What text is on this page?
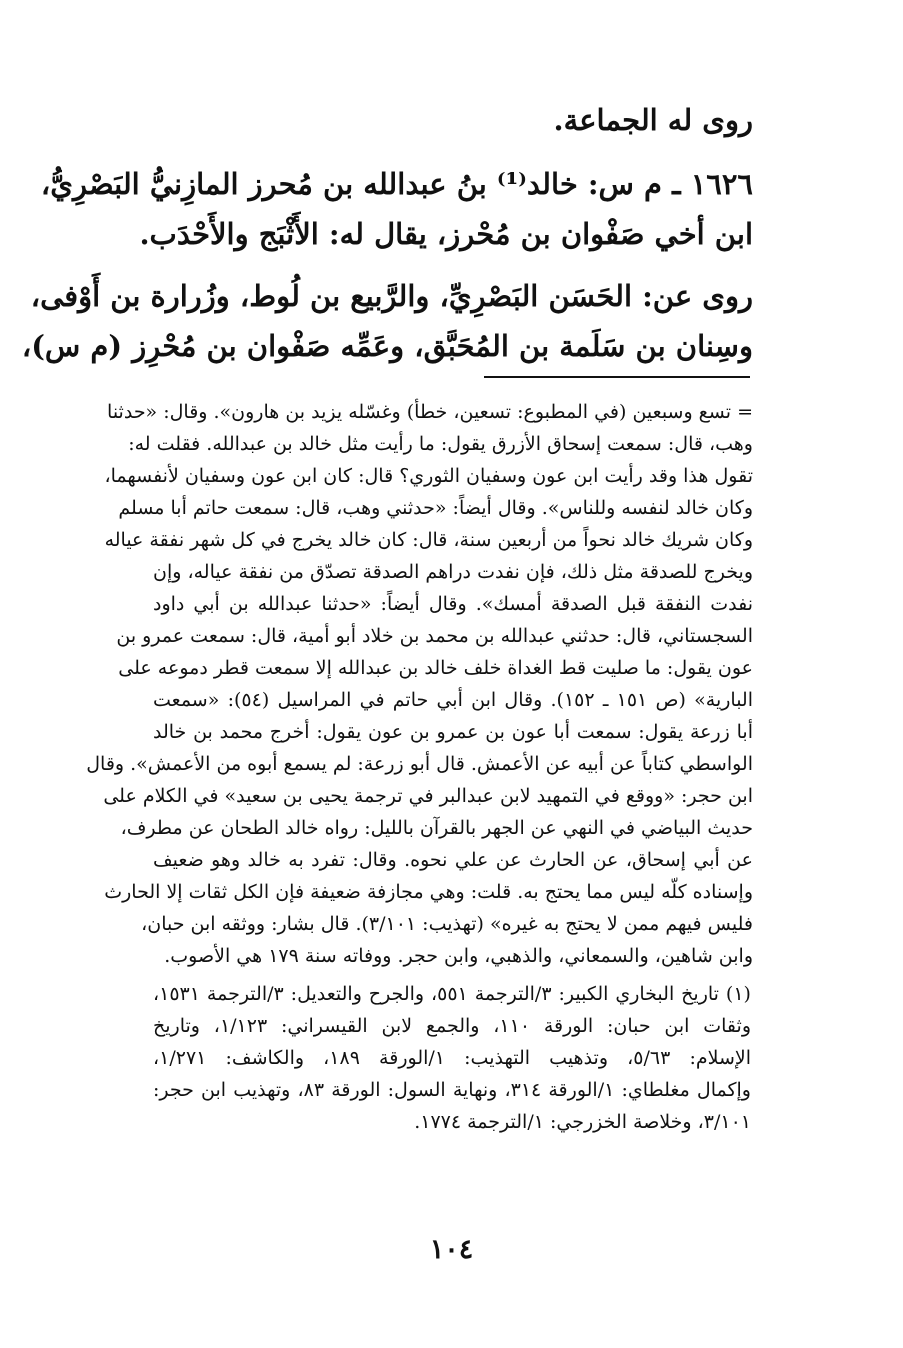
روى له الجماعة.
١٦٢٦ ـ م س: خالد⁽¹⁾ بنُ عبدالله بن مُحرز المازِنيُّ البَصْرِيُّ،
ابن أخي صَفْوان بن مُحْرز، يقال له: الأَثْبَج والأَحْدَب.
روى عن: الحَسَن البَصْرِيِّ، والرَّبيع بن لُوط، وزُرارة بن أَوْفى،
وسِنان بن سَلَمة بن المُحَبَّق، وعَمِّه صَفْوان بن مُحْرِز (م س)،
= تسع وسبعين (في المطبوع: تسعين، خطأ) وغسّله يزيد بن هارون». وقال: «حدثنا
وهب، قال: سمعت إسحاق الأزرق يقول: ما رأيت مثل خالد بن عبدالله. فقلت له:
تقول هذا وقد رأيت ابن عون وسفيان الثوري؟ قال: كان ابن عون وسفيان لأنفسهما،
وكان خالد لنفسه وللناس». وقال أيضاً: «حدثني وهب، قال: سمعت حاتم أبا مسلم
وكان شريك خالد نحواً من أربعين سنة، قال: كان خالد يخرج في كل شهر نفقة عياله
ويخرج للصدقة مثل ذلك، فإن نفدت دراهم الصدقة تصدّق من نفقة عياله، وإن
نفدت النفقة قبل الصدقة أمسك». وقال أيضاً: «حدثنا عبدالله بن أبي داود
السجستاني، قال: حدثني عبدالله بن محمد بن خلاد أبو أمية، قال: سمعت عمرو بن
عون يقول: ما صليت قط الغداة خلف خالد بن عبدالله إلا سمعت قطر دموعه على
البارية» (ص ١٥١ ـ ١٥٢). وقال ابن أبي حاتم في المراسيل (٥٤): «سمعت
أبا زرعة يقول: سمعت أبا عون بن عمرو بن عون يقول: أخرج محمد بن خالد
الواسطي كتاباً عن أبيه عن الأعمش. قال أبو زرعة: لم يسمع أبوه من الأعمش». وقال
ابن حجر: «ووقع في التمهيد لابن عبدالبر في ترجمة يحيى بن سعيد» في الكلام على
حديث البياضي في النهي عن الجهر بالقرآن بالليل: رواه خالد الطحان عن مطرف،
عن أبي إسحاق، عن الحارث عن علي نحوه. وقال: تفرد به خالد وهو ضعيف
وإسناده كلّه ليس مما يحتج به. قلت: وهي مجازفة ضعيفة فإن الكل ثقات إلا الحارث
فليس فيهم ممن لا يحتج به غيره» (تهذيب: ٣/١٠١). قال بشار: ووثقه ابن حبان،
وابن شاهين، والسمعاني، والذهبي، وابن حجر. ووفاته سنة ١٧٩ هي الأصوب.
(١) تاريخ البخاري الكبير: ٣/الترجمة ٥٥١، والجرح والتعديل: ٣/الترجمة ١٥٣١،
وثقات ابن حبان: الورقة ١١٠، والجمع لابن القيسراني: ١/١٢٣، وتاريخ
الإسلام: ٥/٦٣، وتذهيب التهذيب: ١/الورقة ١٨٩، والكاشف: ١/٢٧١،
وإكمال مغلطاي: ١/الورقة ٣١٤، ونهاية السول: الورقة ٨٣، وتهذيب ابن حجر:
٣/١٠١، وخلاصة الخزرجي: ١/الترجمة ١٧٧٤.
١٠٤
